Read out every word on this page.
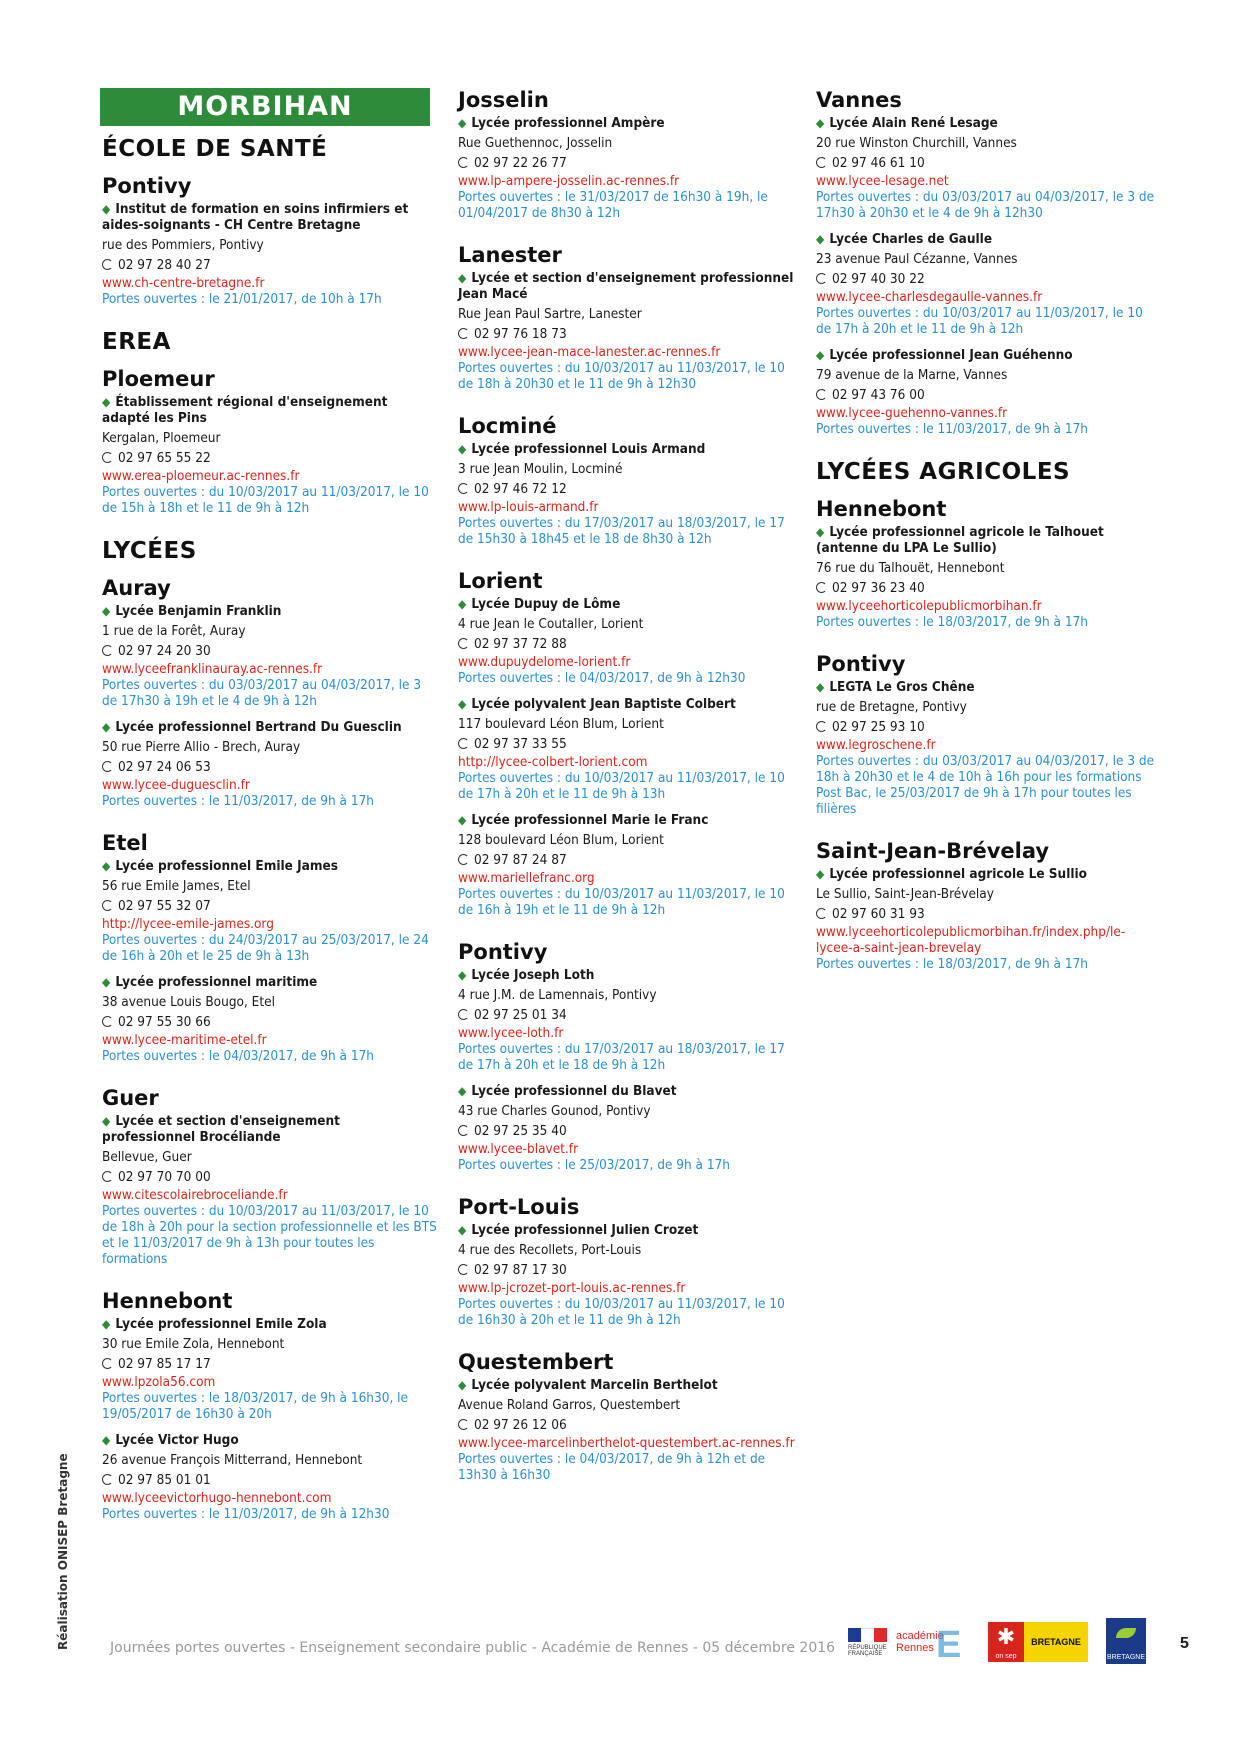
MORBIHAN
ÉCOLE DE SANTÉ
Pontivy
◆ Institut de formation en soins infirmiers et aides-soignants - CH Centre Bretagne
rue des Pommiers, Pontivy
02 97 28 40 27
www.ch-centre-bretagne.fr
Portes ouvertes : le 21/01/2017, de 10h à 17h
EREA
Ploemeur
◆ Établissement régional d'enseignement adapté les Pins
Kergalan, Ploemeur
02 97 65 55 22
www.erea-ploemeur.ac-rennes.fr
Portes ouvertes : du 10/03/2017 au 11/03/2017, le 10 de 15h à 18h et le 11 de 9h à 12h
LYCÉES
Auray
◆ Lycée Benjamin Franklin
1 rue de la Forêt, Auray
02 97 24 20 30
www.lyceefranklinauray.ac-rennes.fr
Portes ouvertes : du 03/03/2017 au 04/03/2017, le 3 de 17h30 à 19h et le 4 de 9h à 12h
◆ Lycée professionnel Bertrand Du Guesclin
50 rue Pierre Allio - Brech, Auray
02 97 24 06 53
www.lycee-duguesclin.fr
Portes ouvertes : le 11/03/2017, de 9h à 17h
Etel
◆ Lycée professionnel Emile James
56 rue Emile James, Etel
02 97 55 32 07
http://lycee-emile-james.org
Portes ouvertes : du 24/03/2017 au 25/03/2017, le 24 de 16h à 20h et le 25 de 9h à 13h
◆ Lycée professionnel maritime
38 avenue Louis Bougo, Etel
02 97 55 30 66
www.lycee-maritime-etel.fr
Portes ouvertes : le 04/03/2017, de 9h à 17h
Guer
◆ Lycée et section d'enseignement professionnel Brocéliande
Bellevue, Guer
02 97 70 70 00
www.citescolairebroceliande.fr
Portes ouvertes : du 10/03/2017 au 11/03/2017, le 10 de 18h à 20h pour la section professionnelle et les BTS et le 11/03/2017 de 9h à 13h pour toutes les formations
Hennebont
◆ Lycée professionnel Emile Zola
30 rue Emile Zola, Hennebont
02 97 85 17 17
www.lpzola56.com
Portes ouvertes : le 18/03/2017, de 9h à 16h30, le 19/05/2017 de 16h30 à 20h
◆ Lycée Victor Hugo
26 avenue François Mitterrand, Hennebont
02 97 85 01 01
www.lyceevictorhugo-hennebont.com
Portes ouvertes : le 11/03/2017, de 9h à 12h30
Josselin
◆ Lycée professionnel Ampère
Rue Guethennoc, Josselin
02 97 22 26 77
www.lp-ampere-josselin.ac-rennes.fr
Portes ouvertes : le 31/03/2017 de 16h30 à 19h, le 01/04/2017 de 8h30 à 12h
Lanester
◆ Lycée et section d'enseignement professionnel Jean Macé
Rue Jean Paul Sartre, Lanester
02 97 76 18 73
www.lycee-jean-mace-lanester.ac-rennes.fr
Portes ouvertes : du 10/03/2017 au 11/03/2017, le 10 de 18h à 20h30 et le 11 de 9h à 12h30
Locminé
◆ Lycée professionnel Louis Armand
3 rue Jean Moulin, Locminé
02 97 46 72 12
www.lp-louis-armand.fr
Portes ouvertes : du 17/03/2017 au 18/03/2017, le 17 de 15h30 à 18h45 et le 18 de 8h30 à 12h
Lorient
◆ Lycée Dupuy de Lôme
4 rue Jean le Coutaller, Lorient
02 97 37 72 88
www.dupuydelome-lorient.fr
Portes ouvertes : le 04/03/2017, de 9h à 12h30
◆ Lycée polyvalent Jean Baptiste Colbert
117 boulevard Léon Blum, Lorient
02 97 37 33 55
http://lycee-colbert-lorient.com
Portes ouvertes : du 10/03/2017 au 11/03/2017, le 10 de 17h à 20h et le 11 de 9h à 13h
◆ Lycée professionnel Marie le Franc
128 boulevard Léon Blum, Lorient
02 97 87 24 87
www.mariellefranc.org
Portes ouvertes : du 10/03/2017 au 11/03/2017, le 10 de 16h à 19h et le 11 de 9h à 12h
Pontivy
◆ Lycée Joseph Loth
4 rue J.M. de Lamennais, Pontivy
02 97 25 01 34
www.lycee-loth.fr
Portes ouvertes : du 17/03/2017 au 18/03/2017, le 17 de 17h à 20h et le 18 de 9h à 12h
◆ Lycée professionnel du Blavet
43 rue Charles Gounod, Pontivy
02 97 25 35 40
www.lycee-blavet.fr
Portes ouvertes : le 25/03/2017, de 9h à 17h
Port-Louis
◆ Lycée professionnel Julien Crozet
4 rue des Recollets, Port-Louis
02 97 87 17 30
www.lp-jcrozet-port-louis.ac-rennes.fr
Portes ouvertes : du 10/03/2017 au 11/03/2017, le 10 de 16h30 à 20h et le 11 de 9h à 12h
Questembert
◆ Lycée polyvalent Marcelin Berthelot
Avenue Roland Garros, Questembert
02 97 26 12 06
www.lycee-marcelinberthelot-questembert.ac-rennes.fr
Portes ouvertes : le 04/03/2017, de 9h à 12h et de 13h30 à 16h30
Vannes
◆ Lycée Alain René Lesage
20 rue Winston Churchill, Vannes
02 97 46 61 10
www.lycee-lesage.net
Portes ouvertes : du 03/03/2017 au 04/03/2017, le 3 de 17h30 à 20h30 et le 4 de 9h à 12h30
◆ Lycée Charles de Gaulle
23 avenue Paul Cézanne, Vannes
02 97 40 30 22
www.lycee-charlesdegaulle-vannes.fr
Portes ouvertes : du 10/03/2017 au 11/03/2017, le 10 de 17h à 20h et le 11 de 9h à 12h
◆ Lycée professionnel Jean Guéhenno
79 avenue de la Marne, Vannes
02 97 43 76 00
www.lycee-guehenno-vannes.fr
Portes ouvertes : le 11/03/2017, de 9h à 17h
LYCÉES AGRICOLES
Hennebont
◆ Lycée professionnel agricole le Talhouet (antenne du LPA Le Sullio)
76 rue du Talhouët, Hennebont
02 97 36 23 40
www.lyceehorticolepublicmorbihan.fr
Portes ouvertes : le 18/03/2017, de 9h à 17h
Pontivy
◆ LEGTA Le Gros Chêne
rue de Bretagne, Pontivy
02 97 25 93 10
www.legroschene.fr
Portes ouvertes : du 03/03/2017 au 04/03/2017, le 3 de 18h à 20h30 et le 4 de 10h à 16h pour les formations Post Bac, le 25/03/2017 de 9h à 17h pour toutes les filières
Saint-Jean-Brévelay
◆ Lycée professionnel agricole Le Sullio
Le Sullio, Saint-Jean-Brévelay
02 97 60 31 93
www.lyceehorticolepublicmorbihan.fr/index.php/le-lycee-a-saint-jean-brevelay
Portes ouvertes : le 18/03/2017, de 9h à 17h
Réalisation ONISEP Bretagne	Journées portes ouvertes - Enseignement secondaire public - Académie de Rennes - 05 décembre 2016 RÉPUBLIQUE FRANÇAISE
académie Rennes E	✱
on sep
BRETAGNE
BRETAGNE
5
